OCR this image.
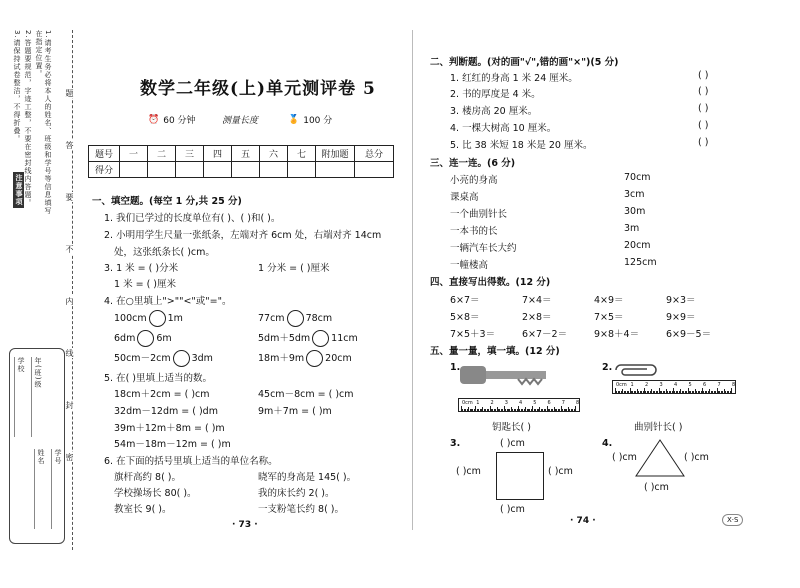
3.请保持试卷整洁，不得折叠。 2.答题要规范，字迹工整，不要在密封线内答题。	1.请考生务必将本人的姓名、班级和学号等信息填写在指定位置。
注意事项
题
答
要
不
内
线
封
密
学校	年(班)级
姓名	学号
数学二年级(上)单元测评卷 5
⏰ 60 分钟	测量长度	🏅 100 分
题号	一	二	三	四	五	六	七	附加题	总分
得分									
一、填空题。(每空 1 分,共 25 分)
1. 我们已学过的长度单位有( )、( )和( )。
2. 小明用学生尺量一张纸条，左端对齐 6cm 处，右端对齐 14cm
处，这张纸条长( )cm。
3. 1 米 = ( )分米	1 分米 = ( )厘米
1 米 = ( )厘米
4. 在○里填上">""<"或"="。
100cm 1m	77cm 78cm
6dm 6m	5dm＋5dm 11cm
50cm－2cm 3dm	18m＋9m 20cm
5. 在( )里填上适当的数。
18cm＋2cm = ( )cm	45cm－8cm = ( )cm
32dm－12dm = ( )dm	9m＋7m = ( )m
39m＋12m＋8m = ( )m
54m－18m－12m = ( )m
6. 在下面的括号里填上适当的单位名称。
旗杆高约 8( )。	晓军的身高是 145( )。
学校操场长 80( )。	我的床长约 2( )。
教室长 9( )。	一支粉笔长约 8( )。
· 73 ·
二、判断题。(对的画"√",错的画"×")(5 分)
1. 红红的身高 1 米 24 厘米。
2. 书的厚度是 4 米。
3. 楼房高 20 厘米。
4. 一棵大树高 10 厘米。
5. 比 38 米短 18 米是 20 厘米。
( )
( )
( )
( )
( )
三、连一连。(6 分)
小亮的身高
课桌高
一个曲别针长
一本书的长
一辆汽车长大约
一幢楼高
70cm
3cm
30m
3m
20cm
125cm
四、直接写出得数。(12 分)
6×7＝	7×4＝	4×9＝	9×3＝
5×8＝	2×8＝	7×5＝	9×9＝
7×5＋3＝	6×7－2＝	9×8＋4＝	6×9－5＝
五、量一量，填一填。(12 分)
1.
0cm 1 2 3 4 5 6 7 8
钥匙长( )
2.
0cm 1 2 3 4 5 6 7 8
曲别针长( )
3.	( )cm
( )cm	( )cm
( )cm
4.
( )cm	( )cm
( )cm
· 74 ·	X·S
